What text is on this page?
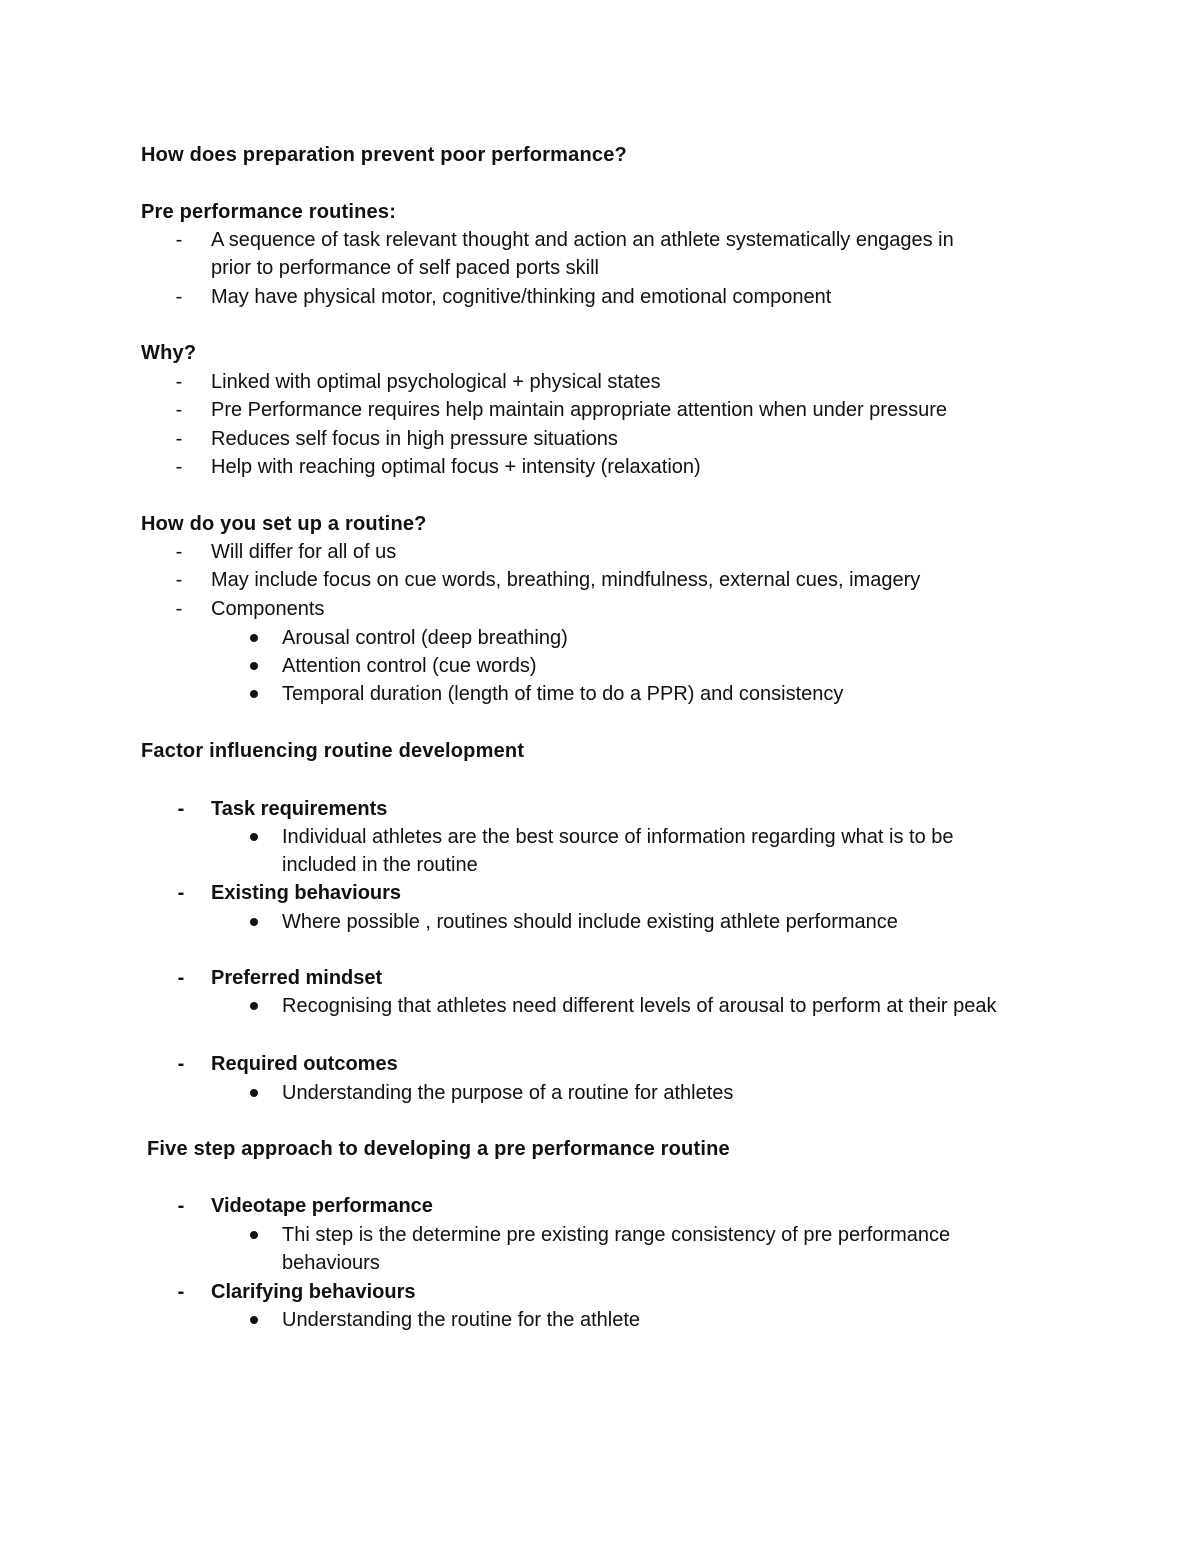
How does preparation prevent poor performance?
Pre performance routines:
- A sequence of task relevant thought and action an athlete systematically engages in
prior to performance of self paced ports skill
- May have physical motor, cognitive/thinking and emotional component
Why?
- Linked with optimal psychological + physical states
- Pre Performance requires help maintain appropriate attention when under pressure
- Reduces self focus in high pressure situations
- Help with reaching optimal focus + intensity (relaxation)
How do you set up a routine?
- Will differ for all of us
- May include focus on cue words, breathing, mindfulness, external cues, imagery
- Components
Arousal control (deep breathing)
Attention control (cue words)
Temporal duration (length of time to do a PPR) and consistency
Factor influencing routine development
- Task requirements
Individual athletes are the best source of information regarding what is to be
included in the routine
- Existing behaviours
Where possible , routines should include existing athlete performance
- Preferred mindset
Recognising that athletes need different levels of arousal to perform at their peak
- Required outcomes
Understanding the purpose of a routine for athletes
Five step approach to developing a pre performance routine
- Videotape performance
Thi step is the determine pre existing range consistency of pre performance
behaviours
- Clarifying behaviours
Understanding the routine for the athlete
